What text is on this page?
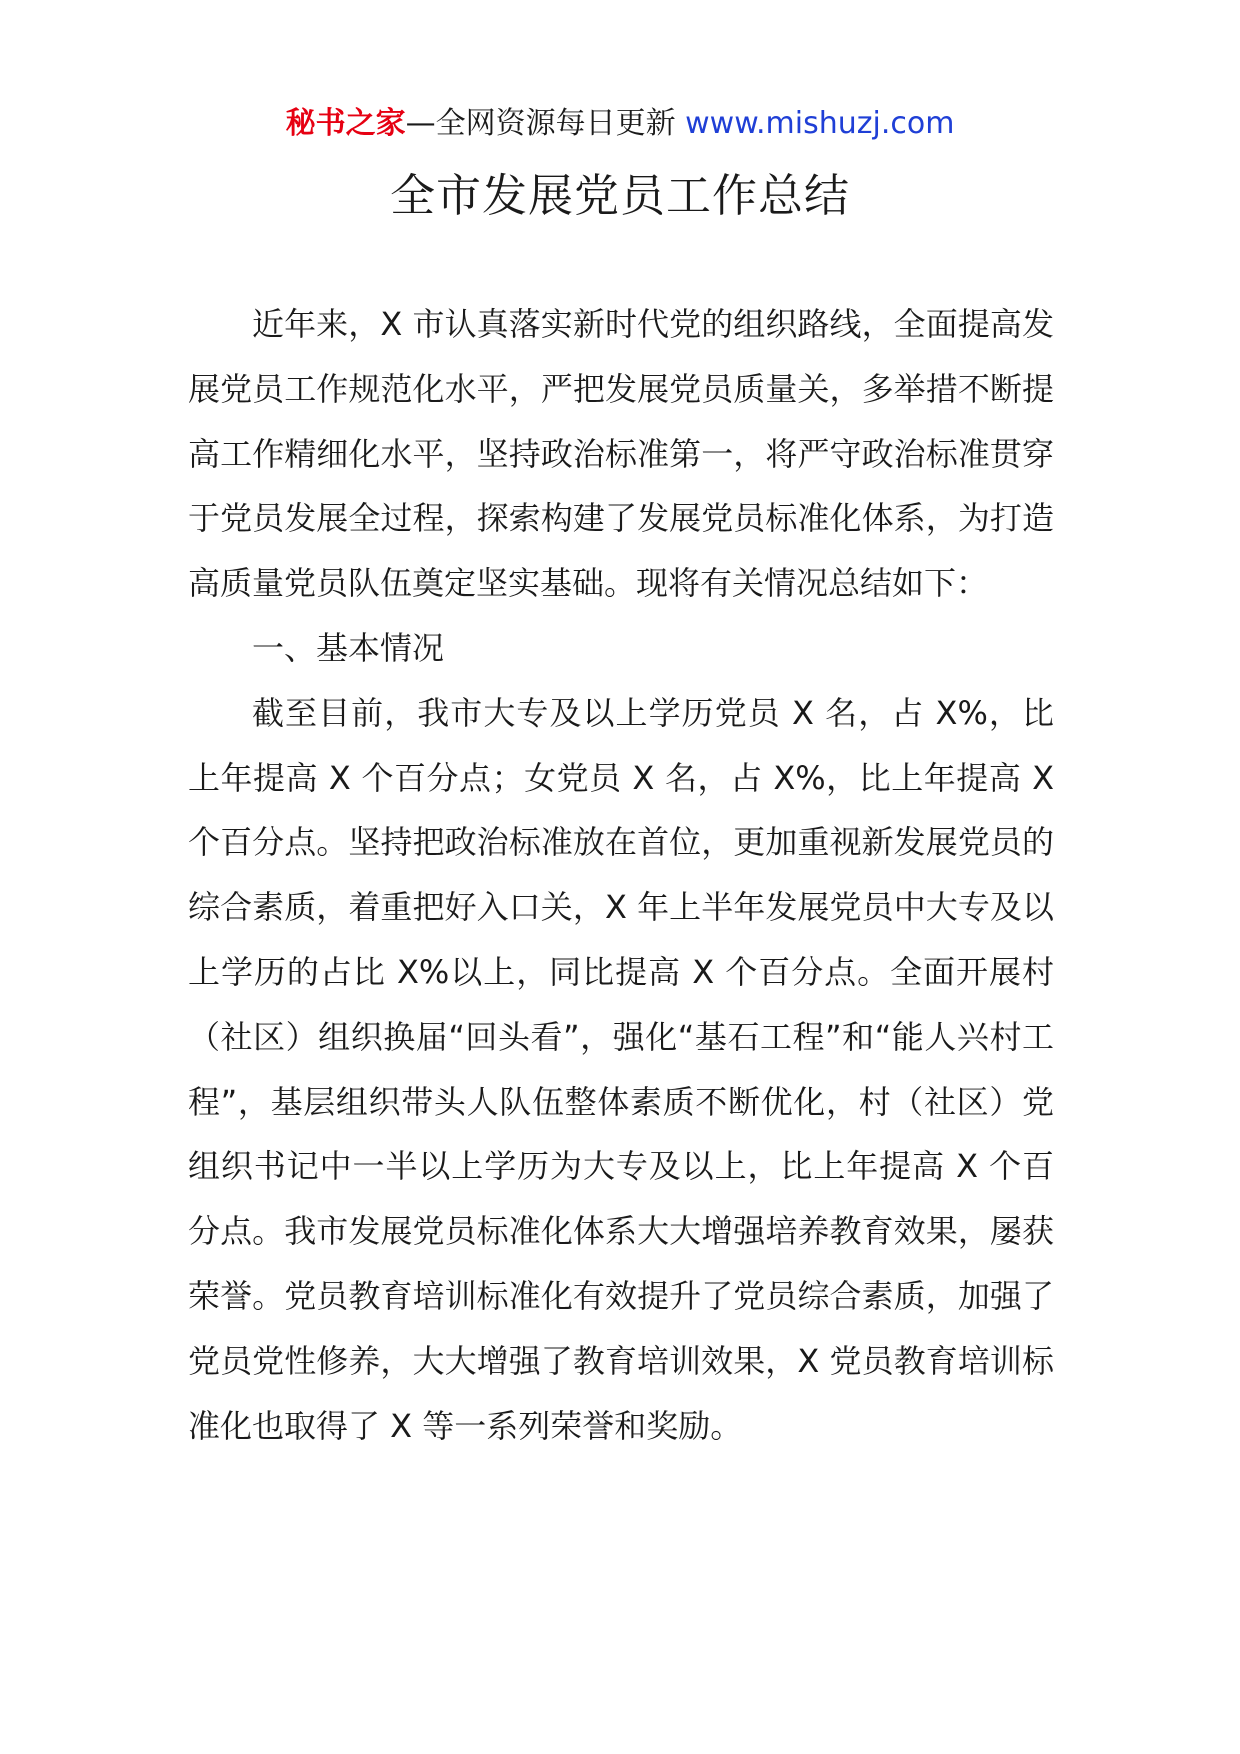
秘书之家—全网资源每日更新 www.mishuzj.com
全市发展党员工作总结

近年来，X 市认真落实新时代党的组织路线，全面提高发展党员工作规范化水平，严把发展党员质量关，多举措不断提高工作精细化水平，坚持政治标准第一，将严守政治标准贯穿于党员发展全过程，探索构建了发展党员标准化体系，为打造高质量党员队伍奠定坚实基础。现将有关情况总结如下：

一、基本情况

截至目前，我市大专及以上学历党员 X 名，占 X%，比上年提高 X 个百分点；女党员 X 名，占 X%，比上年提高 X 个百分点。坚持把政治标准放在首位，更加重视新发展党员的综合素质，着重把好入口关，X 年上半年发展党员中大专及以上学历的占比 X%以上，同比提高 X 个百分点。全面开展村（社区）组织换届“回头看”，强化“基石工程”和“能人兴村工程”，基层组织带头人队伍整体素质不断优化，村（社区）党组织书记中一半以上学历为大专及以上，比上年提高 X 个百分点。我市发展党员标准化体系大大增强培养教育效果，屡获荣誉。党员教育培训标准化有效提升了党员综合素质，加强了党员党性修养，大大增强了教育培训效果，X 党员教育培训标准化也取得了 X 等一系列荣誉和奖励。
